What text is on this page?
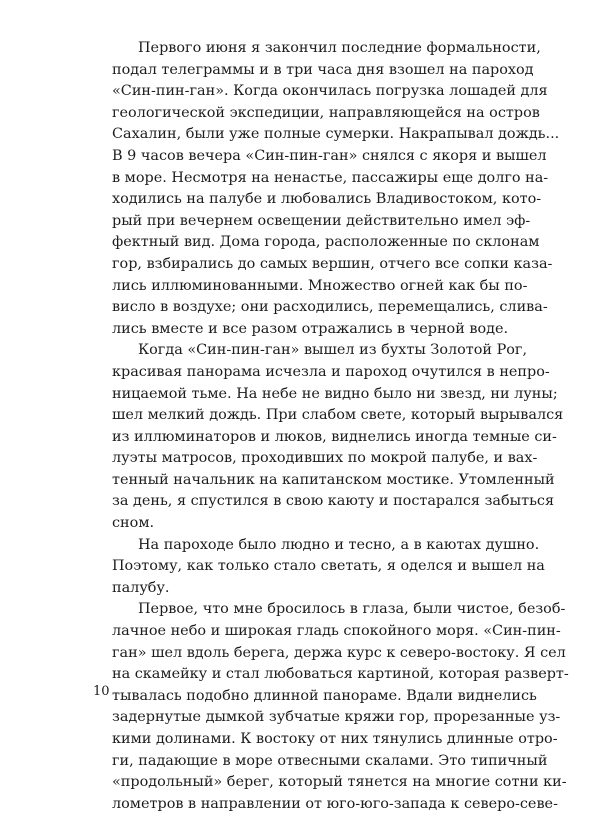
Первого июня я закончил последние формальности,
подал телеграммы и в три часа дня взошел на пароход
«Син-пин-ган». Когда окончилась погрузка лошадей для
геологической экспедиции, направляющейся на остров
Сахалин, были уже полные сумерки. Накрапывал дождь...
В 9 часов вечера «Син-пин-ган» снялся с якоря и вышел
в море. Несмотря на ненастье, пассажиры еще долго на-
ходились на палубе и любовались Владивостоком, кото-
рый при вечернем освещении действительно имел эф-
фектный вид. Дома города, расположенные по склонам
гор, взбирались до самых вершин, отчего все сопки каза-
лись иллюминованными. Множество огней как бы по-
висло в воздухе; они расходились, перемещались, слива-
лись вместе и все разом отражались в черной воде.
Когда «Син-пин-ган» вышел из бухты Золотой Рог,
красивая панорама исчезла и пароход очутился в непро-
ницаемой тьме. На небе не видно было ни звезд, ни луны;
шел мелкий дождь. При слабом свете, который вырывался
из иллюминаторов и люков, виднелись иногда темные си-
луэты матросов, проходивших по мокрой палубе, и вах-
тенный начальник на капитанском мостике. Утомленный
за день, я спустился в свою каюту и постарался забыться
сном.
На пароходе было людно и тесно, а в каютах душно.
Поэтому, как только стало светать, я оделся и вышел на
палубу.
Первое, что мне бросилось в глаза, были чистое, безоб-
лачное небо и широкая гладь спокойного моря. «Син-пин-
ган» шел вдоль берега, держа курс к северо-востоку. Я сел
на скамейку и стал любоваться картиной, которая разверт-
тывалась подобно длинной панораме. Вдали виднелись
задернутые дымкой зубчатые кряжи гор, прорезанные уз-
кими долинами. К востоку от них тянулись длинные отро-
ги, падающие в море отвесными скалами. Это типичный
«продольный» берег, который тянется на многие сотни ки-
лометров в направлении от юго-юго-запада к северо-севе-
10
